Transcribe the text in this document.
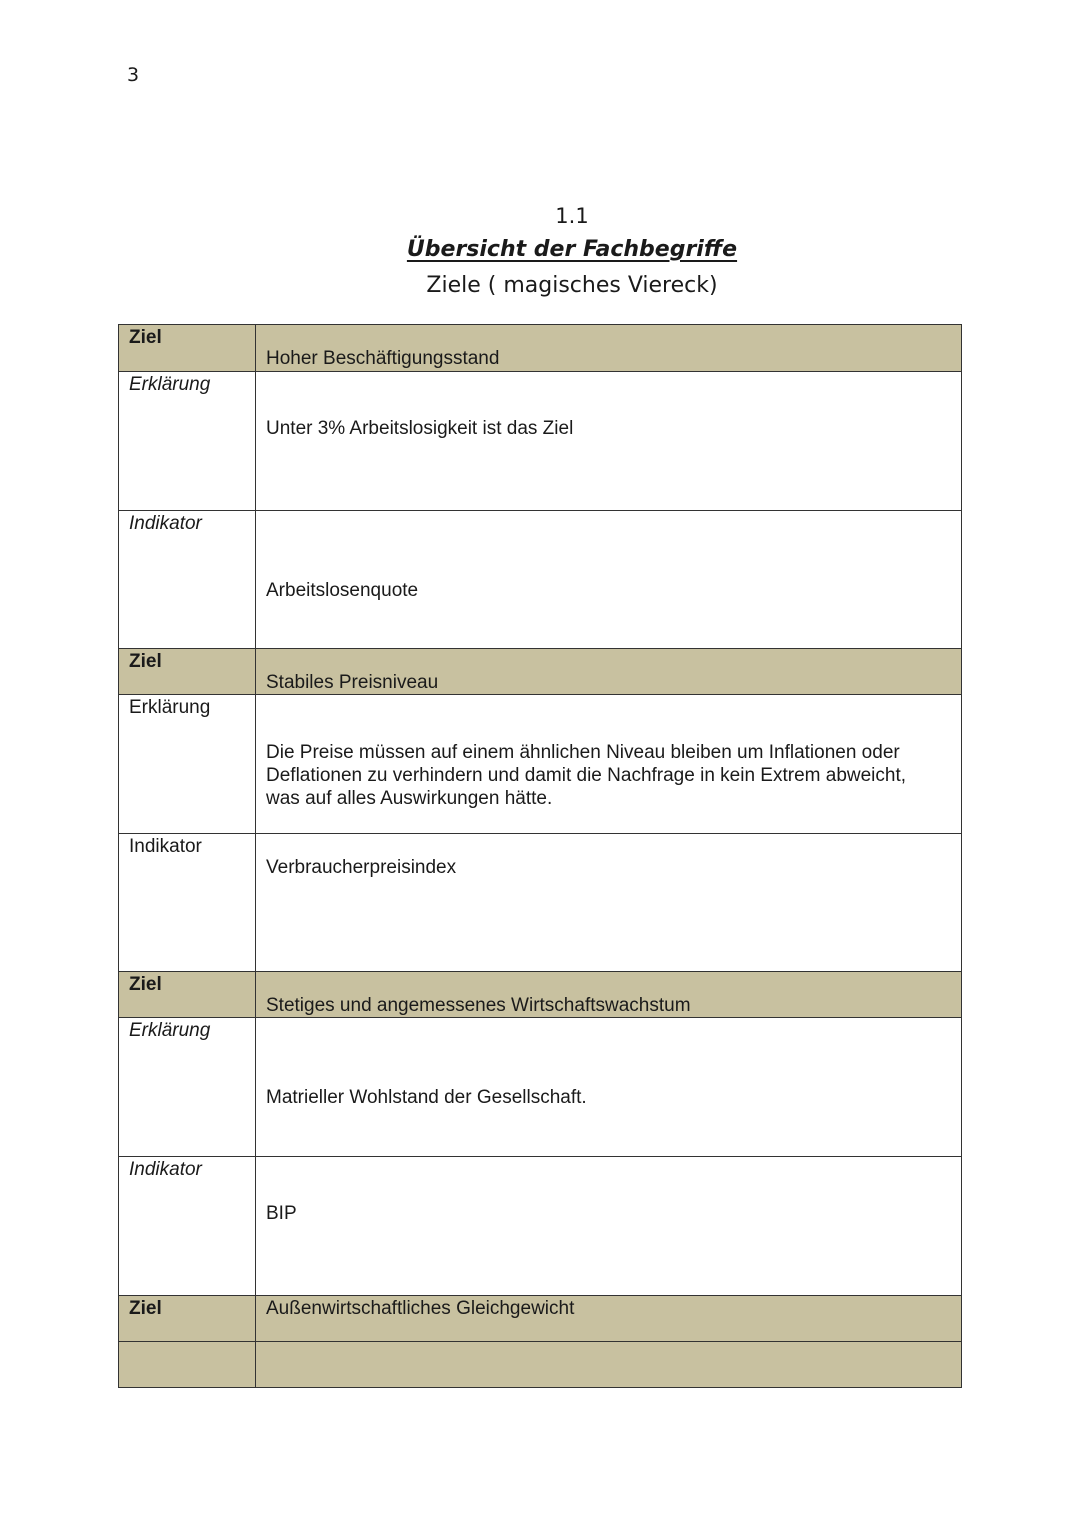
3
1.1
Übersicht der Fachbegriffe
Ziele ( magisches Viereck)
Ziel	Hoher Beschäftigungsstand
Erklärung	Unter 3% Arbeitslosigkeit ist das Ziel
Indikator	Arbeitslosenquote
Ziel	Stabiles Preisniveau
Erklärung	Die Preise müssen auf einem ähnlichen Niveau bleiben um Inflationen oder Deflationen zu verhindern und damit die Nachfrage in kein Extrem abweicht, was auf alles Auswirkungen hätte.
Indikator	Verbraucherpreisindex
Ziel	Stetiges und angemessenes Wirtschaftswachstum
Erklärung	Matrieller Wohlstand der Gesellschaft.
Indikator	BIP
Ziel	Außenwirtschaftliches Gleichgewicht
